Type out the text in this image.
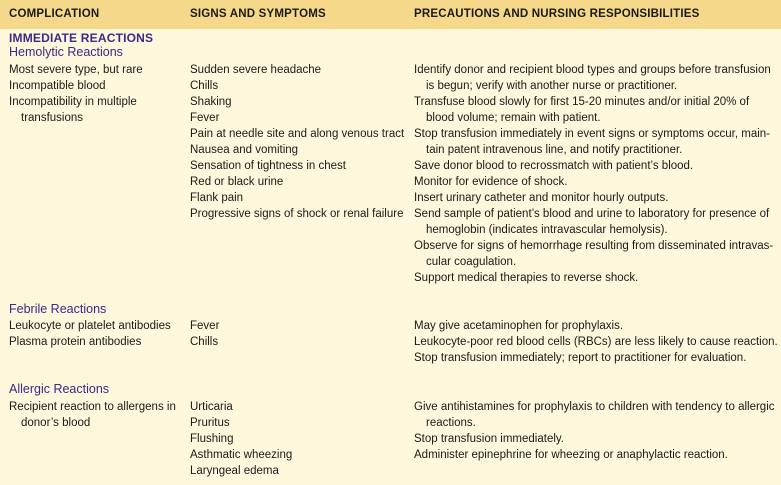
COMPLICATION	SIGNS AND SYMPTOMS	PRECAUTIONS AND NURSING RESPONSIBILITIES
IMMEDIATE REACTIONS
Hemolytic Reactions
Most severe type, but rare
Incompatible blood
Incompatibility in multiple
transfusions
Sudden severe headache
Chills
Shaking
Fever
Pain at needle site and along venous tract
Nausea and vomiting
Sensation of tightness in chest
Red or black urine
Flank pain
Progressive signs of shock or renal failure
Identify donor and recipient blood types and groups before transfusion
is begun; verify with another nurse or practitioner.
Transfuse blood slowly for first 15-20 minutes and/or initial 20% of
blood volume; remain with patient.
Stop transfusion immediately in event signs or symptoms occur, main-
tain patent intravenous line, and notify practitioner.
Save donor blood to recrossmatch with patient’s blood.
Monitor for evidence of shock.
Insert urinary catheter and monitor hourly outputs.
Send sample of patient’s blood and urine to laboratory for presence of
hemoglobin (indicates intravascular hemolysis).
Observe for signs of hemorrhage resulting from disseminated intravas-
cular coagulation.
Support medical therapies to reverse shock.
Febrile Reactions
Leukocyte or platelet antibodies
Plasma protein antibodies
Fever
Chills
May give acetaminophen for prophylaxis.
Leukocyte-poor red blood cells (RBCs) are less likely to cause reaction.
Stop transfusion immediately; report to practitioner for evaluation.
Allergic Reactions
Recipient reaction to allergens in
donor’s blood
Urticaria
Pruritus
Flushing
Asthmatic wheezing
Laryngeal edema
Give antihistamines for prophylaxis to children with tendency to allergic
reactions.
Stop transfusion immediately.
Administer epinephrine for wheezing or anaphylactic reaction.
